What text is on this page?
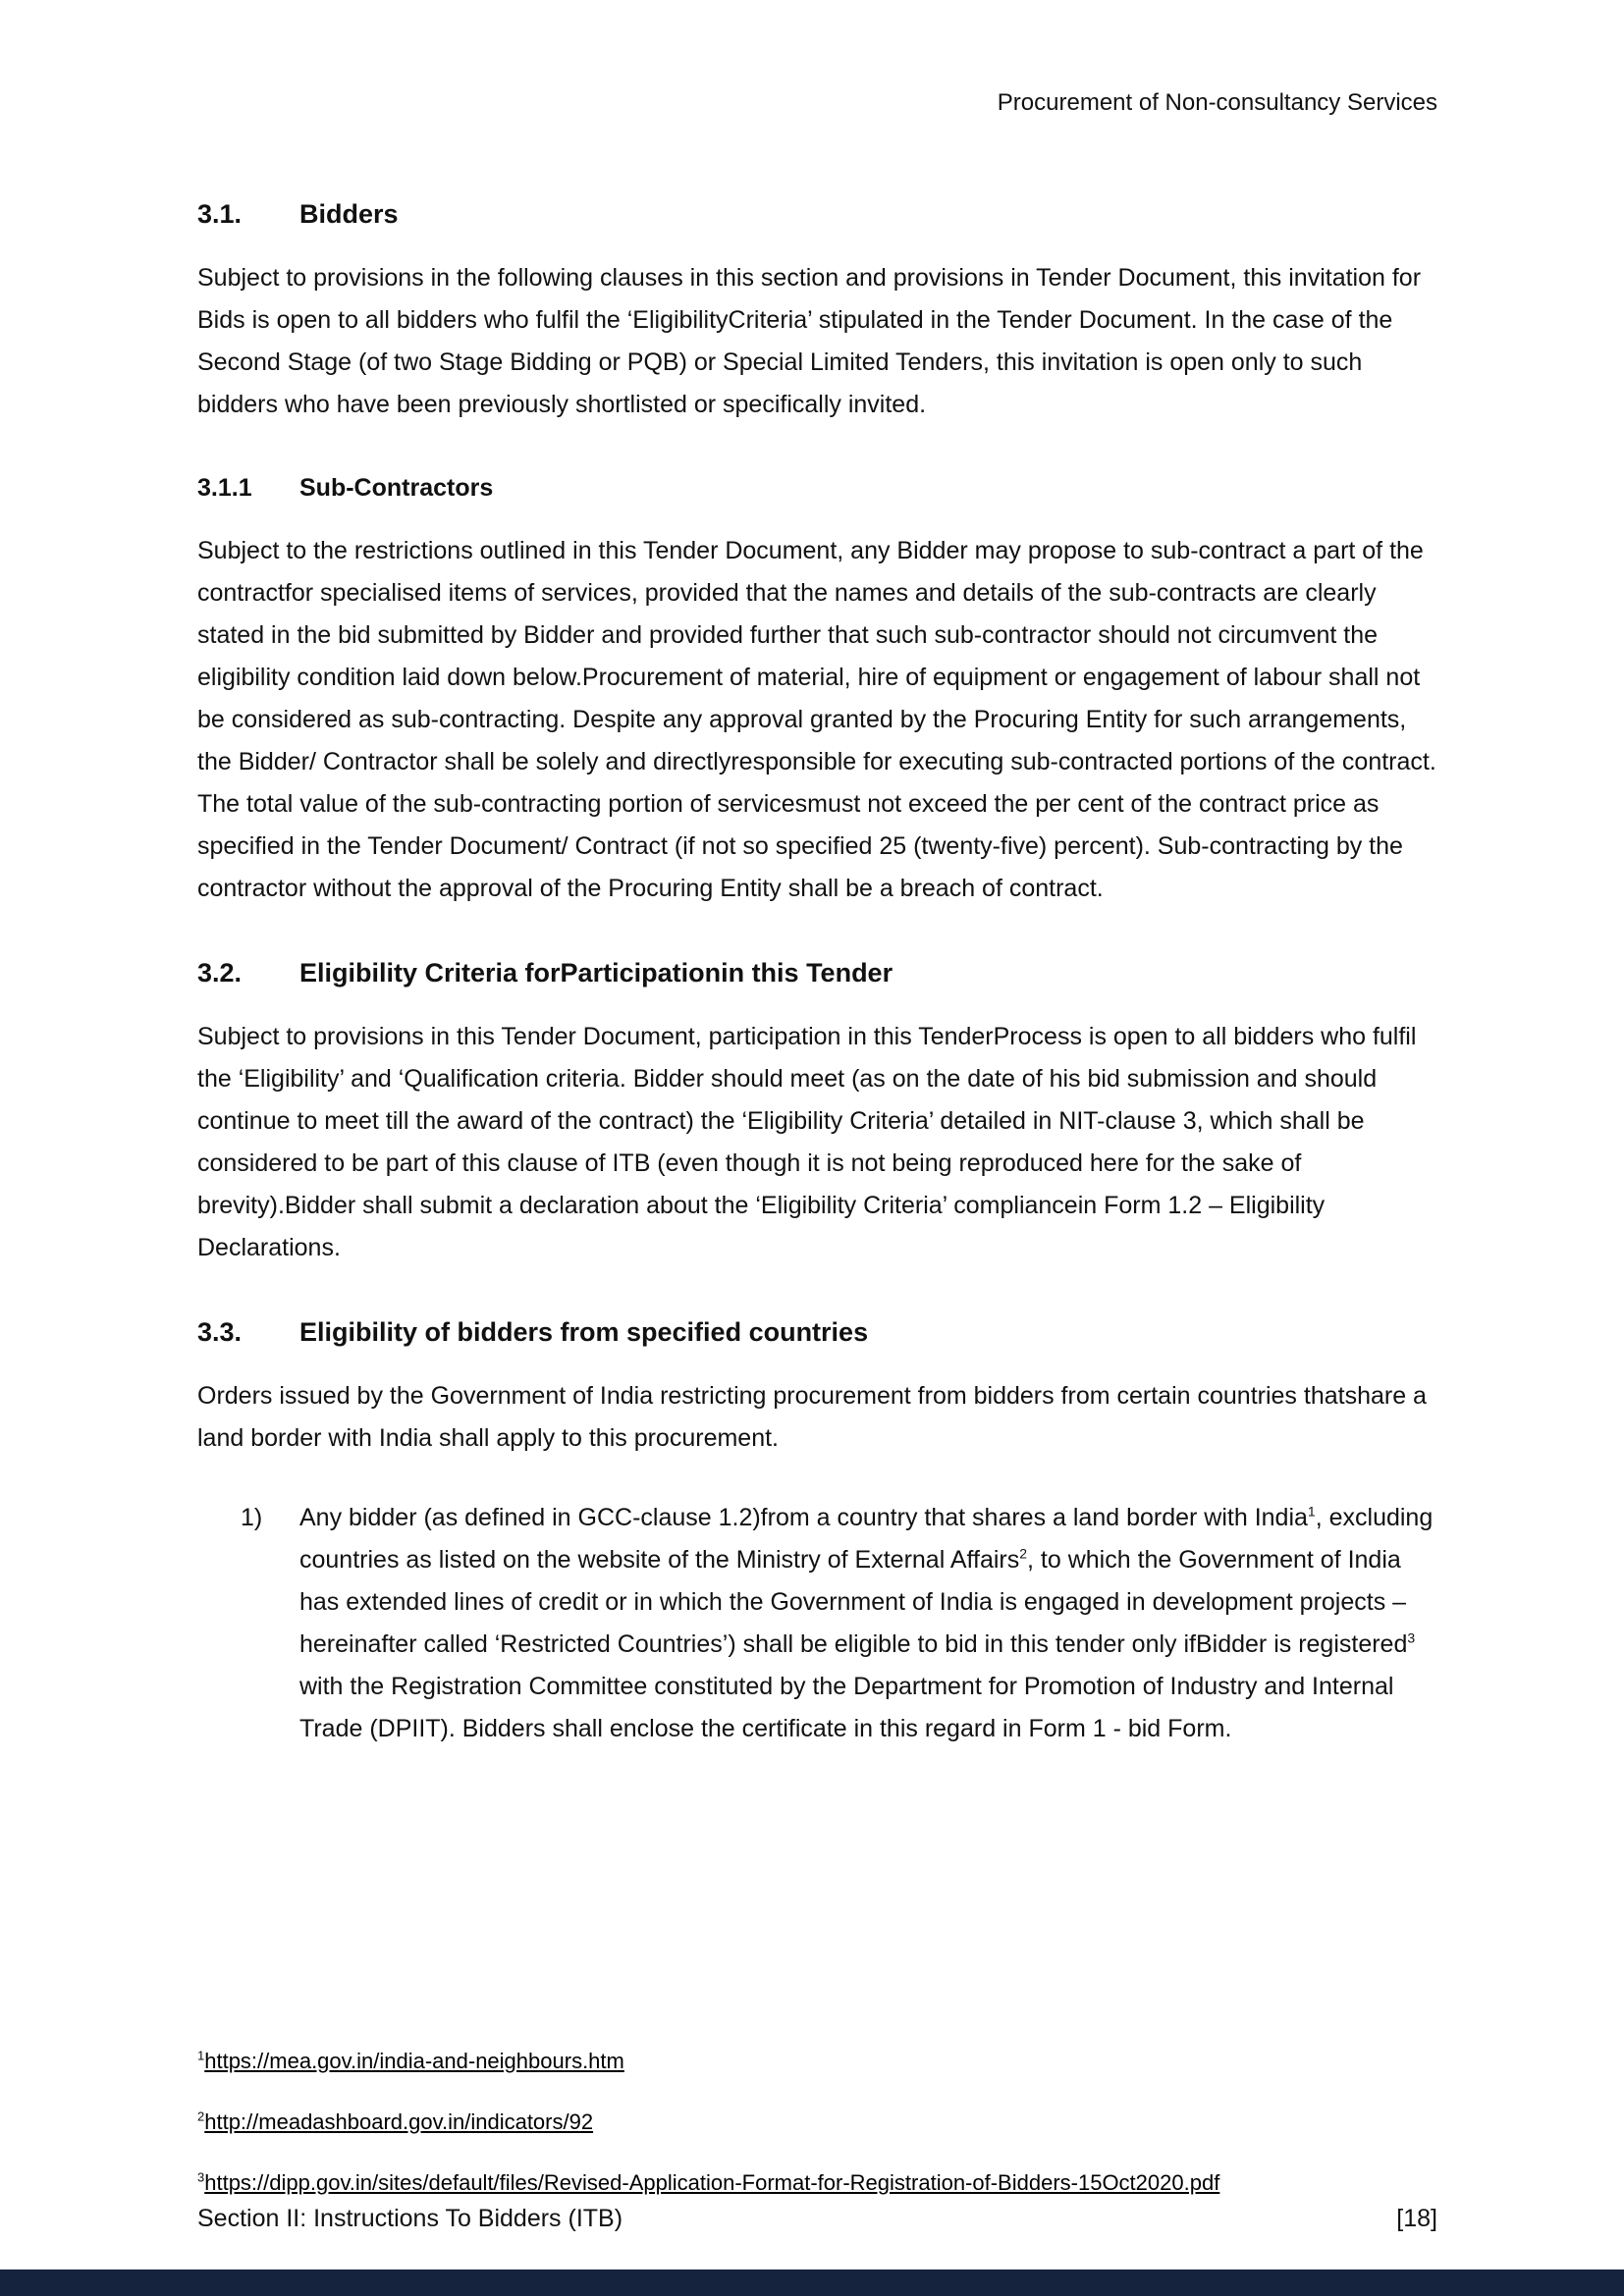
Procurement of Non-consultancy Services
3.1.	Bidders

Subject to provisions in the following clauses in this section and provisions in Tender Document, this invitation for Bids is open to all bidders who fulfil the ‘EligibilityCriteria’ stipulated in the Tender Document. In the case of the Second Stage (of two Stage Bidding or PQB) or Special Limited Tenders, this invitation is open only to such bidders who have been previously shortlisted or specifically invited.

3.1.1	Sub-Contractors

Subject to the restrictions outlined in this Tender Document, any Bidder may propose to sub-contract a part of the contractfor specialised items of services, provided that the names and details of the sub-contracts are clearly stated in the bid submitted by Bidder and provided further that such sub-contractor should not circumvent the eligibility condition laid down below.Procurement of material, hire of equipment or engagement of labour shall not be considered as sub-contracting. Despite any approval granted by the Procuring Entity for such arrangements, the Bidder/ Contractor shall be solely and directlyresponsible for executing sub-contracted portions of the contract. The total value of the sub-contracting portion of servicesmust not exceed the per cent of the contract price as specified in the Tender Document/ Contract (if not so specified 25 (twenty-five) percent). Sub-contracting by the contractor without the approval of the Procuring Entity shall be a breach of contract.

3.2.	Eligibility Criteria forParticipationin this Tender

Subject to provisions in this Tender Document, participation in this TenderProcess is open to all bidders who fulfil the ‘Eligibility’ and ‘Qualification criteria. Bidder should meet (as on the date of his bid submission and should continue to meet till the award of the contract) the ‘Eligibility Criteria’ detailed in NIT-clause 3, which shall be considered to be part of this clause of ITB (even though it is not being reproduced here for the sake of brevity).Bidder shall submit a declaration about the ‘Eligibility Criteria’ compliancein Form 1.2 – Eligibility Declarations.

3.3.	Eligibility of bidders from specified countries

Orders issued by the Government of India restricting procurement from bidders from certain countries thatshare a land border with India shall apply to this procurement.

1) Any bidder (as defined in GCC-clause 1.2)from a country that shares a land border with India$^1$, excluding countries as listed on the website of the Ministry of External Affairs$^2$, to which the Government of India has extended lines of credit or in which the Government of India is engaged in development projects – hereinafter called ‘Restricted Countries’) shall be eligible to bid in this tender only ifBidder is registered$^3$ with the Registration Committee constituted by the Department for Promotion of Industry and Internal Trade (DPIIT). Bidders shall enclose the certificate in this regard in Form 1 - bid Form.

$^1$https://mea.gov.in/india-and-neighbours.htm
$^2$http://meadashboard.gov.in/indicators/92
$^3$https://dipp.gov.in/sites/default/files/Revised-Application-Format-for-Registration-of-Bidders-15Oct2020.pdf
Section II: Instructions To Bidders (ITB)	[18]
